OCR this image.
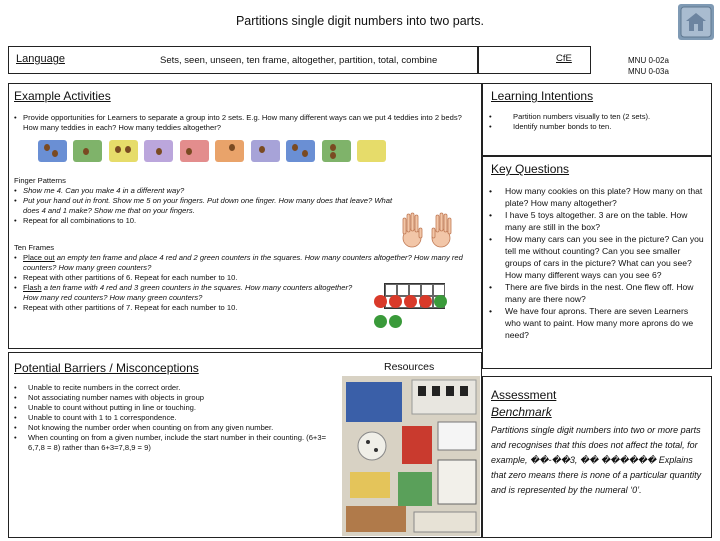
Partitions single digit numbers into two parts.
Language	Sets, seen, unseen, ten frame, altogether, partition, total, combine	CfE	MNU 0-02a
MNU 0-03a
Example Activities
• Provide opportunities for Learners to separate a group into 2 sets. E.g. How many different ways can we put 4 teddies into 2 beds? How many teddies in each? How many teddies altogether?

Finger Patterns
• Show me 4. Can you make 4 in a different way?
• Put your hand out in front. Show me 5 on your fingers. Put down one finger. How many does that leave? What does 4 and 1 make? Show me that on your fingers.
• Repeat for all combinations to 10.
Ten Frames
• Place out an empty ten frame and place 4 red and 2 green counters in the squares. How many counters altogether? How many red counters? How many green counters?
• Repeat with other partitions of 6. Repeat for each number to 10.
• Flash a ten frame with 4 red and 3 green counters in the squares. How many counters altogether? How many red counters? How many green counters?
• Repeat with other partitions of 7. Repeat for each number to 10.

Learning Intentions
• Partition numbers visually to ten (2 sets).
• Identify number bonds to ten.
Key Questions
• How many cookies on this plate? How many on that plate? How many altogether?
• I have 5 toys altogether. 3 are on the table. How many are still in the box?
• How many cars can you see in the picture? Can you tell me without counting? Can you see smaller groups of cars in the picture? What can you see? How many different ways can you see 6?
• There are five birds in the nest. One flew off. How many are there now?
• We have four aprons. There are seven Learners who want to paint. How many more aprons do we need?
Potential Barriers / Misconceptions	Resources
• Unable to recite numbers in the correct order.
• Not associating number names with objects in group
• Unable to count without putting in line or touching.
• Unable to count with 1 to 1 correspondence.
• Not knowing the number order when counting on from any given number.
• When counting on from a given number, include the start number in their counting. (6+3= 6,7,8 = 8) rather than 6+3=7,8,9 = 9)
Assessment
Benchmark
Partitions single digit numbers into two or more parts and recognises that this does not affect the total, for example, ��-��3, �� ������ Explains that zero means there is none of a particular quantity and is represented by the numeral ‘0’.
